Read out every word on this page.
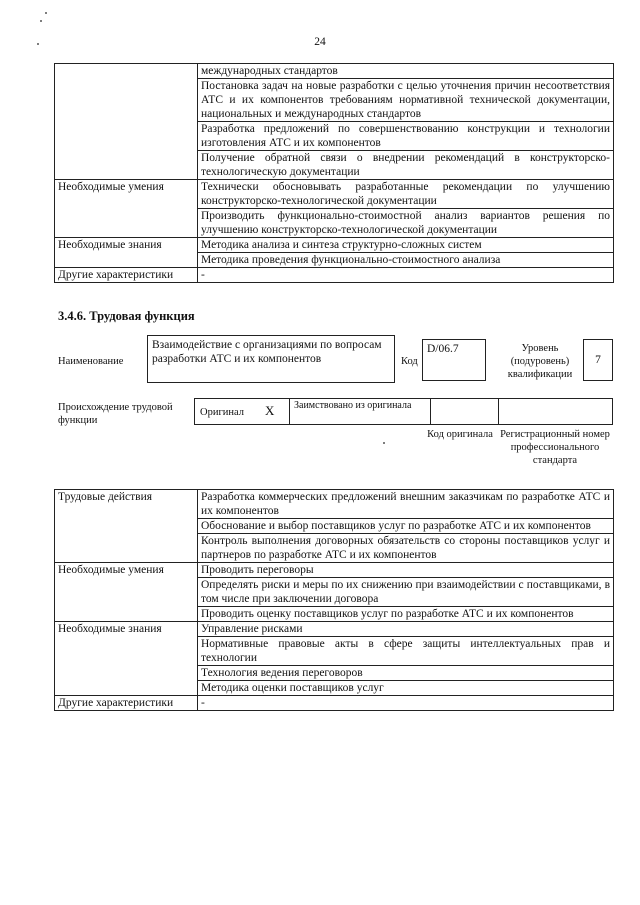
24
	международных стандартов
	Постановка задач на новые разработки с целью уточнения причин несоответствия АТС и их компонентов требованиям нормативной технической документации, национальных и международных стандартов
	Разработка предложений по совершенствованию конструкции и технологии изготовления АТС и их компонентов
	Получение обратной связи о внедрении рекомендаций в конструкторско-технологическую документации
Необходимые умения	Технически обосновывать разработанные рекомендации по улучшению конструкторско-технологической документации
	Производить функционально-стоимостной анализ вариантов решения по улучшению конструкторско-технологической документации
Необходимые знания	Методика анализа и синтеза структурно-сложных систем
	Методика проведения функционально-стоимостного анализа
Другие характеристики	-
3.4.6. Трудовая функция
Наименование
Взаимодействие с организациями по вопросам разработки АТС и их компонентов	Код
D/06.7	Уровень (подуровень) квалификации
7
Происхождение трудовой функции
Оригинал X Заимствовано из оригинала
Код оригинала Регистрационный номер профессионального стандарта
Трудовые действия	Разработка коммерческих предложений внешним заказчикам по разработке АТС и их компонентов
	Обоснование и выбор поставщиков услуг по разработке АТС и их компонентов
	Контроль выполнения договорных обязательств со стороны поставщиков услуг и партнеров по разработке АТС и их компонентов
Необходимые умения	Проводить переговоры
	Определять риски и меры по их снижению при взаимодействии с поставщиками, в том числе при заключении договора
	Проводить оценку поставщиков услуг по разработке АТС и их компонентов
Необходимые знания	Управление рисками
	Нормативные правовые акты в сфере защиты интеллектуальных прав и технологии
	Технология ведения переговоров
	Методика оценки поставщиков услуг
Другие характеристики	-
